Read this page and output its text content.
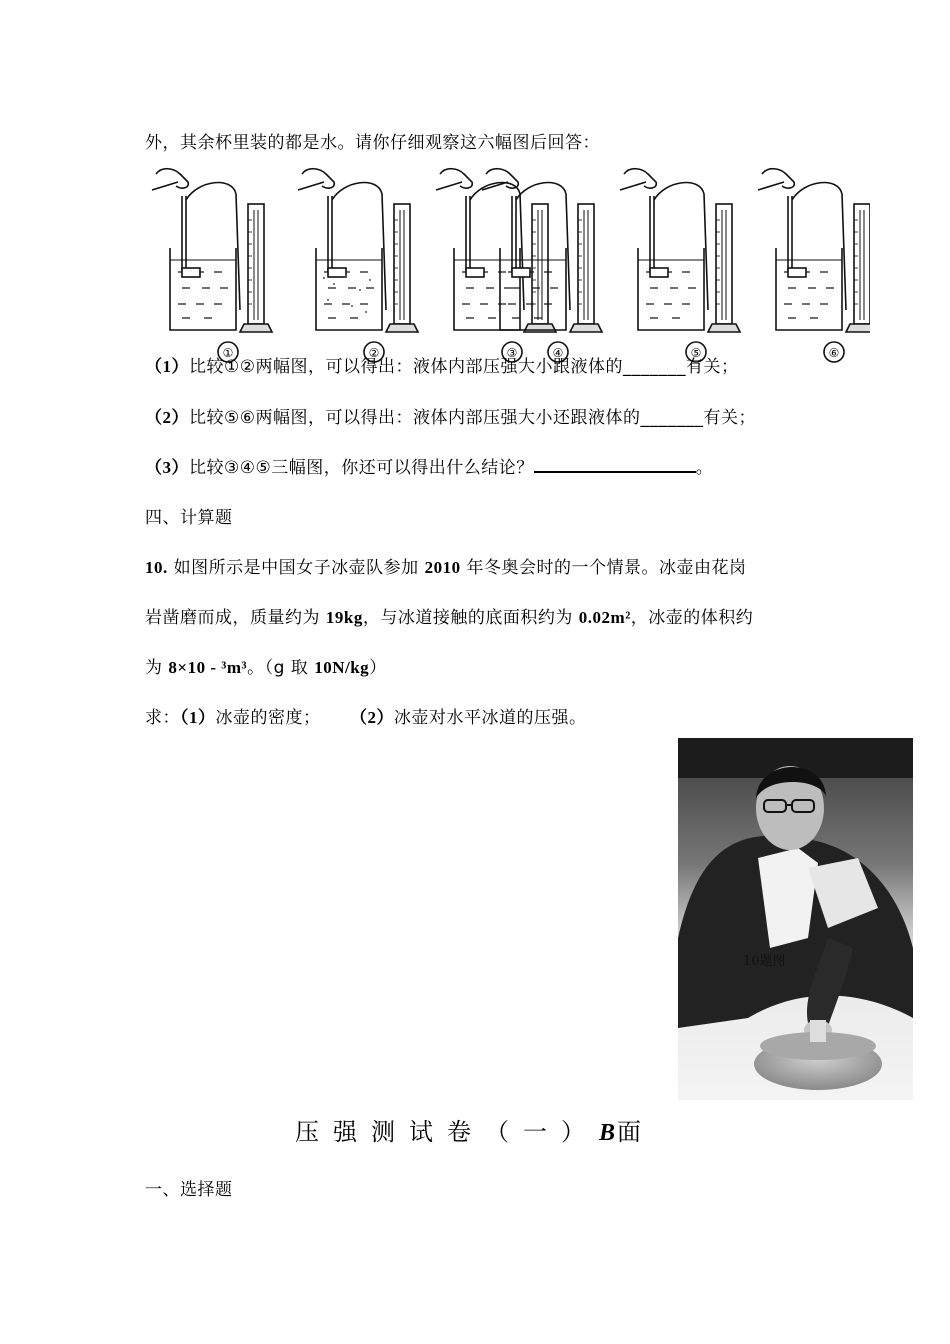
外，其余杯里装的都是水。请你仔细观察这六幅图后回答：
①	②	③	④	⑤	⑥
（1）比较①②两幅图，可以得出：液体内部压强大小跟液体的_______有关；
（2）比较⑤⑥两幅图，可以得出：液体内部压强大小还跟液体的_______有关；
（3）比较③④⑤三幅图，你还可以得出什么结论？	。
四、计算题
10. 如图所示是中国女子冰壶队参加 2010 年冬奥会时的一个情景。冰壶由花岗
岩凿磨而成，质量约为 19kg，与冰道接触的底面积约为 0.02m²，冰壶的体积约
为 8×10 - ³m³。（g 取 10N/kg）
求：（1）冰壶的密度； （2）冰壶对水平冰道的压强。
10题图
压强测试卷（一）B面
一、选择题
